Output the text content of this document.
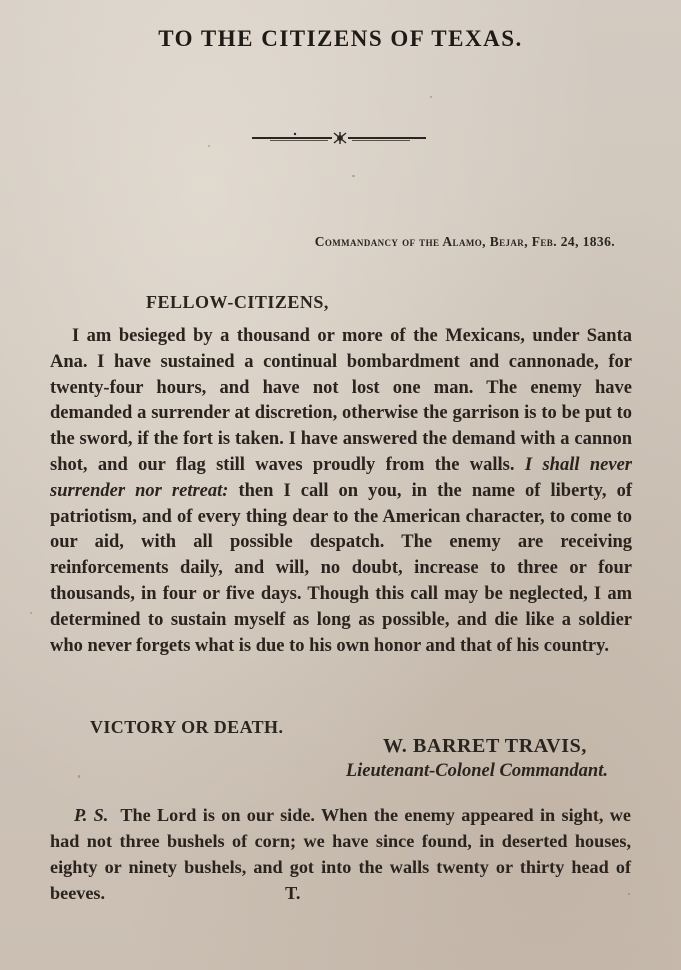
TO THE CITIZENS OF TEXAS.
Commandancy of the Alamo, Bejar, Feb. 24, 1836.
FELLOW-CITIZENS,

I am besieged by a thousand or more of the Mexicans, under Santa Ana. I have sustained a continual bombardment and cannonade, for twenty-four hours, and have not lost one man. The enemy have demanded a surrender at discretion, otherwise the garrison is to be put to the sword, if the fort is taken. I have answered the demand with a cannon shot, and our flag still waves proudly from the walls. I shall never surrender nor retreat: then I call on you, in the name of liberty, of patriotism, and of every thing dear to the American character, to come to our aid, with all possible despatch. The enemy are receiving reinforcements daily, and will, no doubt, increase to three or four thousands, in four or five days. Though this call may be neglected, I am determined to sustain myself as long as possible, and die like a soldier who never forgets what is due to his own honor and that of his country.

VICTORY OR DEATH.
W. BARRET TRAVIS,
Lieutenant-Colonel Commandant.

P. S. The Lord is on our side. When the enemy appeared in sight, we had not three bushels of corn; we have since found, in deserted houses, eighty or ninety bushels, and got into the walls twenty or thirty head of beeves.	T.
